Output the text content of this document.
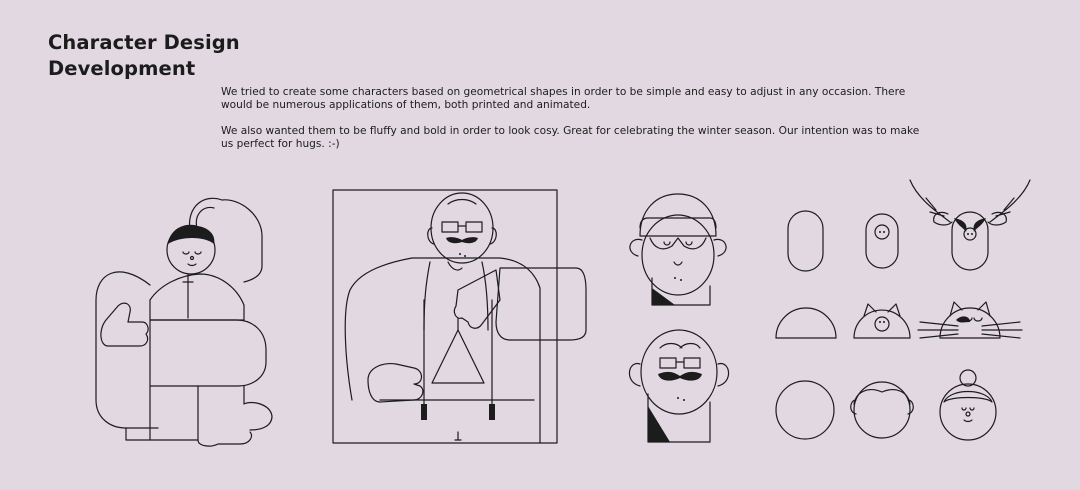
Character Design
Development

We tried to create some characters based on geometrical shapes in order to be simple and easy to adjust in any occasion. There would be numerous applications of them, both printed and animated.

We also wanted them to be fluffy and bold in order to look cosy. Great for celebrating the winter season. Our intention was to make us perfect for hugs. :-)
